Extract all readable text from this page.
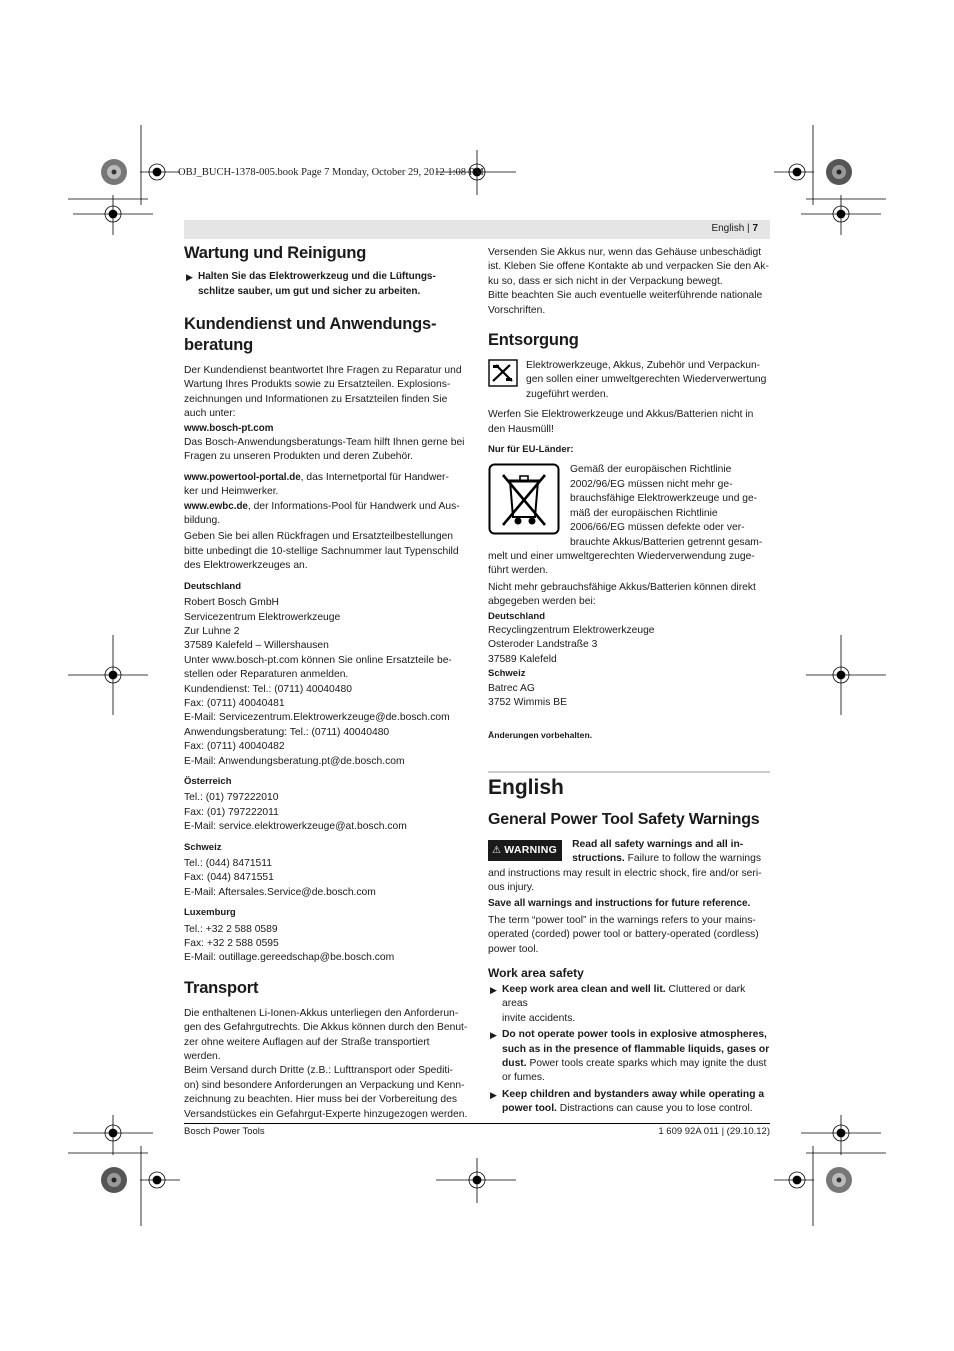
OBJ_BUCH-1378-005.book Page 7 Monday, October 29, 2012 1:08 PM
English | 7

Wartung und Reinigung

▶ Halten Sie das Elektrowerkzeug und die Lüftungs-
schlitze sauber, um gut und sicher zu arbeiten.

Kundendienst und Anwendungs-

beratung

Der Kundendienst beantwortet Ihre Fragen zu Reparatur und

Wartung Ihres Produkts sowie zu Ersatzteilen. Explosions-

zeichnungen und Informationen zu Ersatzteilen finden Sie

auch unter:

www.bosch-pt.com

Das Bosch-Anwendungsberatungs-Team hilft Ihnen gerne bei

Fragen zu unseren Produkten und deren Zubehör.

www.powertool-portal.de, das Internetportal für Handwer-

ker und Heimwerker.

www.ewbc.de, der Informations-Pool für Handwerk und Aus-

bildung.

Geben Sie bei allen Rückfragen und Ersatzteilbestellungen

bitte unbedingt die 10-stellige Sachnummer laut Typenschild

des Elektrowerkzeuges an.

Deutschland

Robert Bosch GmbH

Servicezentrum Elektrowerkzeuge

Zur Luhne 2

37589 Kalefeld – Willershausen

Unter www.bosch-pt.com können Sie online Ersatzteile be-

stellen oder Reparaturen anmelden.

Kundendienst: Tel.: (0711) 40040480

Fax: (0711) 40040481

E-Mail: Servicezentrum.Elektrowerkzeuge@de.bosch.com

Anwendungsberatung: Tel.: (0711) 40040480

Fax: (0711) 40040482

E-Mail: Anwendungsberatung.pt@de.bosch.com

Österreich

Tel.: (01) 797222010

Fax: (01) 797222011

E-Mail: service.elektrowerkzeuge@at.bosch.com

Schweiz

Tel.: (044) 8471511

Fax: (044) 8471551

E-Mail: Aftersales.Service@de.bosch.com

Luxemburg

Tel.: +32 2 588 0589

Fax: +32 2 588 0595

E-Mail: outillage.gereedschap@be.bosch.com

Transport

Die enthaltenen Li-Ionen-Akkus unterliegen den Anforderun-

gen des Gefahrgutrechts. Die Akkus können durch den Benut-

zer ohne weitere Auflagen auf der Straße transportiert werden.

Beim Versand durch Dritte (z.B.: Lufttransport oder Spediti-

on) sind besondere Anforderungen an Verpackung und Kenn-

zeichnung zu beachten. Hier muss bei der Vorbereitung des

Versandstückes ein Gefahrgut-Experte hinzugezogen werden.

Versenden Sie Akkus nur, wenn das Gehäuse unbeschädigt

ist. Kleben Sie offene Kontakte ab und verpacken Sie den Ak-

ku so, dass er sich nicht in der Verpackung bewegt.

Bitte beachten Sie auch eventuelle weiterführende nationale

Vorschriften.

Entsorgung

Elektrowerkzeuge, Akkus, Zubehör und Verpackun-

gen sollen einer umweltgerechten Wiederverwertung

zugeführt werden.

Werfen Sie Elektrowerkzeuge und Akkus/Batterien nicht in

den Hausmüll!

Nur für EU-Länder:

Gemäß der europäischen Richtlinie

2002/96/EG müssen nicht mehr ge-

brauchsfähige Elektrowerkzeuge und ge-

mäß der europäischen Richtlinie

2006/66/EG müssen defekte oder ver-

brauchte Akkus/Batterien getrennt gesam-

melt und einer umweltgerechten Wiederverwendung zuge-

führt werden.

Nicht mehr gebrauchsfähige Akkus/Batterien können direkt

abgegeben werden bei:

Deutschland

Recyclingzentrum Elektrowerkzeuge

Osteroder Landstraße 3

37589 Kalefeld

Schweiz

Batrec AG

3752 Wimmis BE

Änderungen vorbehalten.

English

General Power Tool Safety Warnings

⚠ WARNING	Read all safety warnings and all in-

structions. Failure to follow the warnings

and instructions may result in electric shock, fire and/or seri-

ous injury.

Save all warnings and instructions for future reference.

The term “power tool” in the warnings refers to your mains-

operated (corded) power tool or battery-operated (cordless)

power tool.

Work area safety

▶ Keep work area clean and well lit. Cluttered or dark areas

invite accidents.

▶ Do not operate power tools in explosive atmospheres,

such as in the presence of flammable liquids, gases or

dust. Power tools create sparks which may ignite the dust

or fumes.

▶ Keep children and bystanders away while operating a

power tool. Distractions can cause you to lose control.

Bosch Power Tools	1 609 92A 011 | (29.10.12)
